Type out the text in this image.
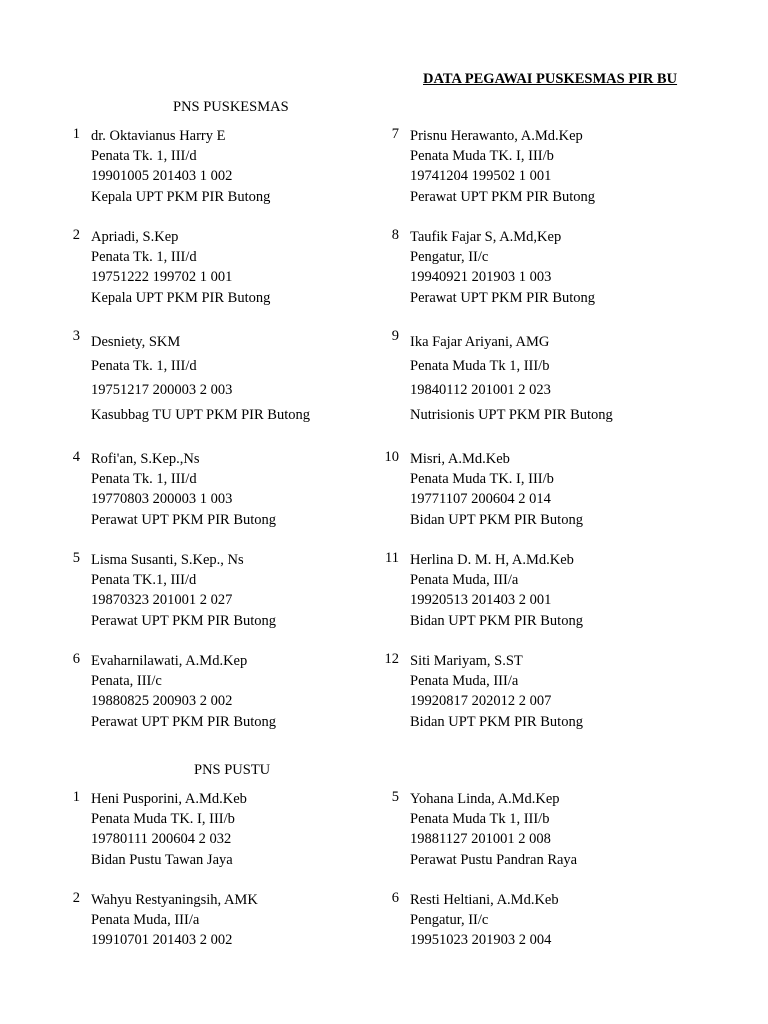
DATA PEGAWAI PUSKESMAS PIR BU
PNS PUSKESMAS
1 dr. Oktavianus Harry E
Penata Tk. 1, III/d
19901005 201403 1 002
Kepala UPT PKM PIR Butong
7 Prisnu Herawanto, A.Md.Kep
Penata Muda TK. I, III/b
19741204 199502 1 001
Perawat UPT PKM PIR Butong
2 Apriadi, S.Kep
Penata Tk. 1, III/d
19751222 199702 1 001
Kepala UPT PKM PIR Butong
8 Taufik Fajar S, A.Md,Kep
Pengatur, II/c
19940921 201903 1 003
Perawat UPT PKM PIR Butong
3 Desniety, SKM
Penata Tk. 1, III/d
19751217 200003 2 003
Kasubbag TU UPT PKM PIR Butong
9 Ika Fajar Ariyani, AMG
Penata Muda Tk 1, III/b
19840112 201001 2 023
Nutrisionis UPT PKM PIR Butong
4 Rofi'an, S.Kep.,Ns
Penata Tk. 1, III/d
19770803 200003 1 003
Perawat UPT PKM PIR Butong
10 Misri, A.Md.Keb
Penata Muda TK. I, III/b
19771107 200604 2 014
Bidan UPT PKM PIR Butong
5 Lisma Susanti, S.Kep., Ns
Penata TK.1, III/d
19870323 201001 2 027
Perawat UPT PKM PIR Butong
11 Herlina D. M. H, A.Md.Keb
Penata Muda, III/a
19920513 201403 2 001
Bidan UPT PKM PIR Butong
6 Evaharnilawati, A.Md.Kep
Penata, III/c
19880825 200903 2 002
Perawat UPT PKM PIR Butong
12 Siti Mariyam, S.ST
Penata Muda, III/a
19920817 202012 2 007
Bidan UPT PKM PIR Butong
PNS PUSTU
1 Heni Pusporini, A.Md.Keb
Penata Muda TK. I, III/b
19780111 200604 2 032
Bidan Pustu Tawan Jaya
5 Yohana Linda, A.Md.Kep
Penata Muda Tk 1, III/b
19881127 201001 2 008
Perawat Pustu Pandran Raya
2 Wahyu Restyaningsih, AMK
Penata Muda, III/a
19910701 201403 2 002
6 Resti Heltiani, A.Md.Keb
Pengatur, II/c
19951023 201903 2 004
